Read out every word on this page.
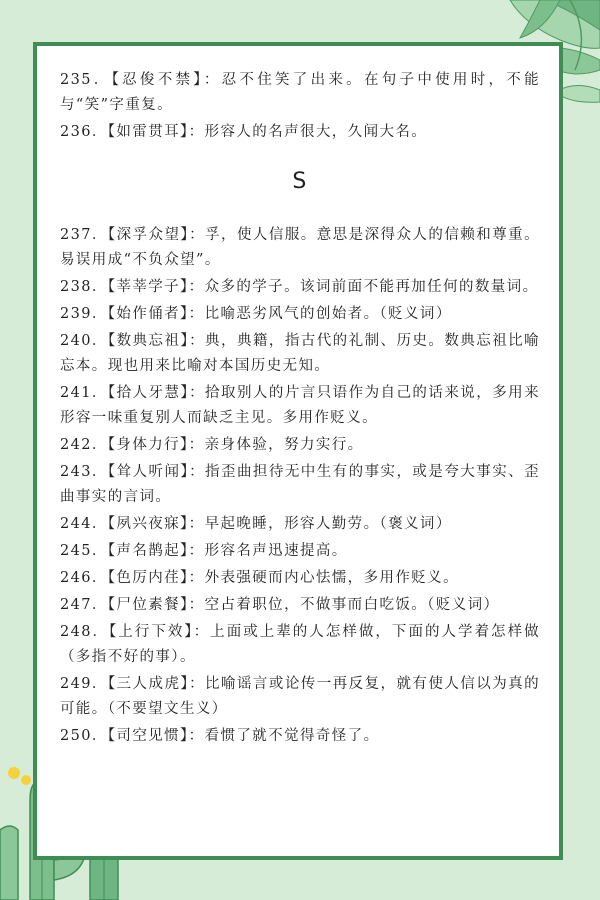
235．【忍俊不禁】：忍不住笑了出来。在句子中使用时，不能与“笑”字重复。
236．【如雷贯耳】：形容人的名声很大，久闻大名。
S
237．【深孚众望】：孚，使人信服。意思是深得众人的信赖和尊重。易误用成“不负众望”。
238．【莘莘学子】：众多的学子。该词前面不能再加任何的数量词。
239．【始作俑者】：比喻恶劣风气的创始者。（贬义词）
240．【数典忘祖】：典，典籍，指古代的礼制、历史。数典忘祖比喻忘本。现也用来比喻对本国历史无知。
241．【拾人牙慧】：拾取别人的片言只语作为自己的话来说，多用来形容一味重复别人而缺乏主见。多用作贬义。
242．【身体力行】：亲身体验，努力实行。
243．【耸人听闻】：指歪曲担待无中生有的事实，或是夸大事实、歪曲事实的言词。
244．【夙兴夜寐】：早起晚睡，形容人勤劳。（褒义词）
245．【声名鹊起】：形容名声迅速提高。
246．【色厉内荏】：外表强硬而内心怯懦，多用作贬义。
247．【尸位素餐】：空占着职位，不做事而白吃饭。（贬义词）
248．【上行下效】：上面或上辈的人怎样做，下面的人学着怎样做（多指不好的事）。
249．【三人成虎】：比喻谣言或论传一再反复，就有使人信以为真的可能。（不要望文生义）
250．【司空见惯】：看惯了就不觉得奇怪了。
